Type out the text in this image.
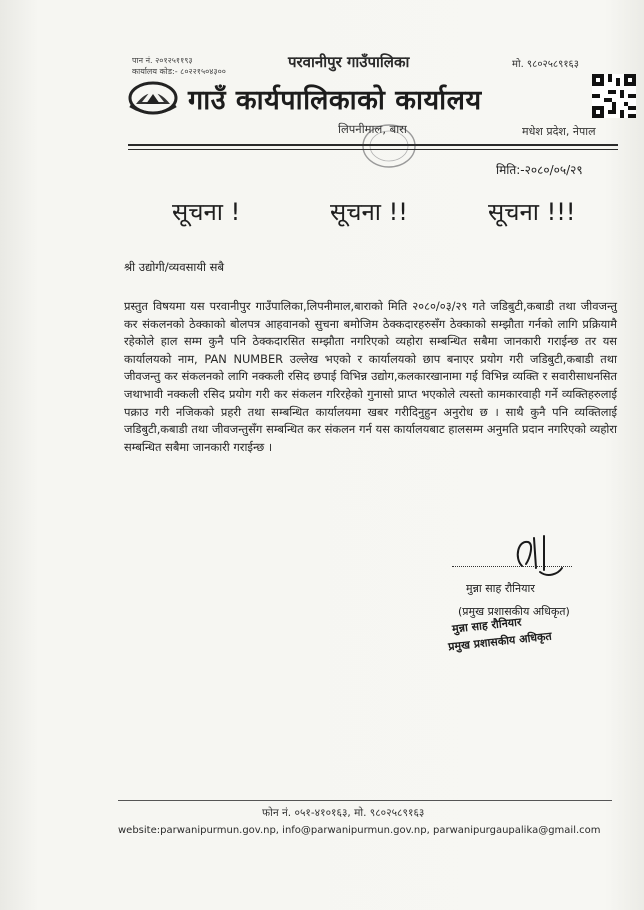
पान नं. २०१२५११९३
कार्यालय कोड:- ८०२२१५०४३००
परवानीपुर गाउँपालिका	मो. ९८०२५८९१६३
गाउँ कार्यपालिकाको कार्यालय
लिपनीमाल, बारा	मधेश प्रदेश, नेपाल
मिति:-२०८०/०५/२९
सूचना !	सूचना !!	सूचना !!!
श्री उद्योगी/व्यवसायी सबै
प्रस्तुत विषयमा यस परवानीपुर गाउँपालिका,लिपनीमाल,बाराको मिति २०८०/०३/२९ गते जडिबुटी,कबाडी तथा जीवजन्तु कर संकलनको ठेक्काको बोलपत्र आहवानको सुचना बमोजिम ठेक्कदारहरुसँग ठेक्काको सम्झौता गर्नको लागि प्रक्रियामै रहेकोले हाल सम्म कुनै पनि ठेक्कदारसित सम्झौता नगरिएको व्यहोरा सम्बन्धित सबैमा जानकारी गराईन्छ तर यस कार्यालयको नाम, PAN NUMBER उल्लेख भएको र कार्यालयको छाप बनाएर प्रयोग गरी जडिबुटी,कबाडी तथा जीवजन्तु कर संकलनको लागि नक्कली रसिद छपाई विभिन्न उद्योग,कलकारखानामा गई विभिन्न व्यक्ति र सवारीसाधनसित जथाभावी नक्कली रसिद प्रयोग गरी कर संकलन गरिरहेको गुनासो प्राप्त भएकोले त्यस्तो कामकारवाही गर्ने व्यक्तिहरुलाई पक्राउ गरी नजिकको प्रहरी तथा सम्बन्धित कार्यालयमा खबर गरीदिनुहुन अनुरोध छ । साथै कुनै पनि व्यक्तिलाई जडिबुटी,कबाडी तथा जीवजन्तुसँग सम्बन्धित कर संकलन गर्न यस कार्यालयबाट हालसम्म अनुमति प्रदान नगरिएको व्यहोरा सम्बन्धित सबैमा जानकारी गराईन्छ ।
मुन्ना साह रौनियार
(प्रमुख प्रशासकीय अधिकृत)
मुन्ना साह रौनियार
प्रमुख प्रशासकीय अधिकृत
फोन नं. ०५१-४१०१६३, मो. ९८०२५८९१६३
website:parwanipurmun.gov.np, info@parwanipurmun.gov.np, parwanipurgaupalika@gmail.com
